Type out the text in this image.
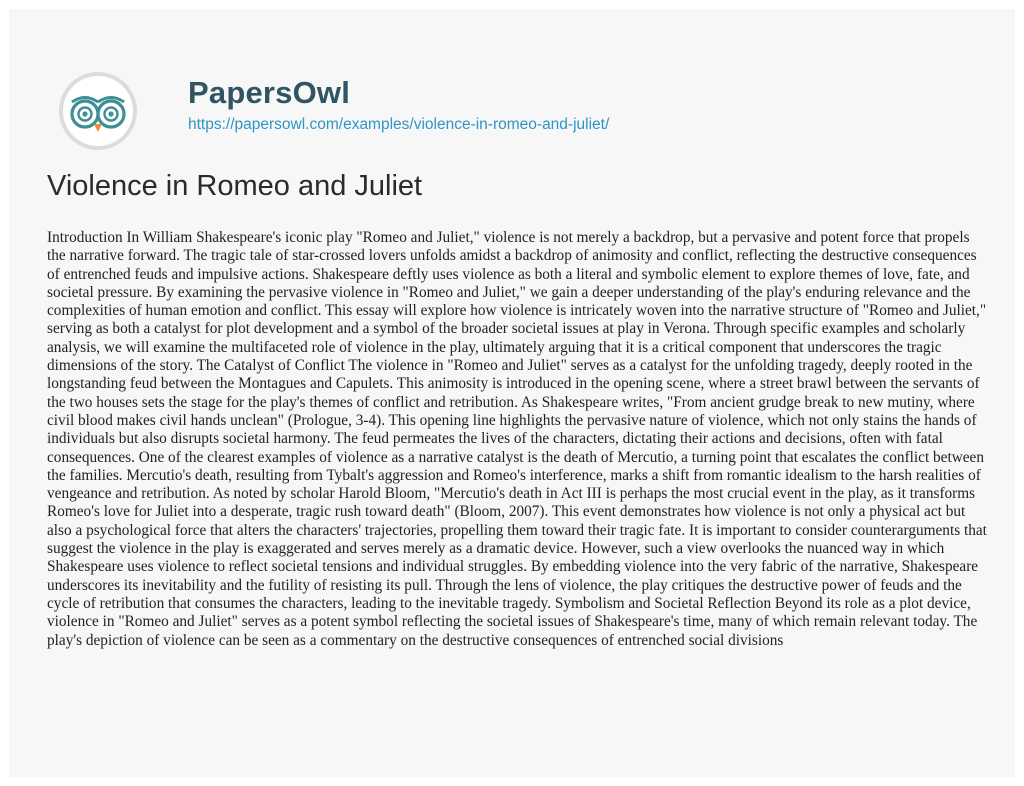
PapersOwl
https://papersowl.com/examples/violence-in-romeo-and-juliet/
Violence in Romeo and Juliet

Introduction In William Shakespeare's iconic play "Romeo and Juliet," violence is not merely a backdrop, but a pervasive and potent force that propels the narrative forward. The tragic tale of star-crossed lovers unfolds amidst a backdrop of animosity and conflict, reflecting the destructive consequences of entrenched feuds and impulsive actions. Shakespeare deftly uses violence as both a literal and symbolic element to explore themes of love, fate, and societal pressure. By examining the pervasive violence in "Romeo and Juliet," we gain a deeper understanding of the play's enduring relevance and the complexities of human emotion and conflict. This essay will explore how violence is intricately woven into the narrative structure of "Romeo and Juliet," serving as both a catalyst for plot development and a symbol of the broader societal issues at play in Verona. Through specific examples and scholarly analysis, we will examine the multifaceted role of violence in the play, ultimately arguing that it is a critical component that underscores the tragic dimensions of the story. The Catalyst of Conflict The violence in "Romeo and Juliet" serves as a catalyst for the unfolding tragedy, deeply rooted in the longstanding feud between the Montagues and Capulets. This animosity is introduced in the opening scene, where a street brawl between the servants of the two houses sets the stage for the play's themes of conflict and retribution. As Shakespeare writes, "From ancient grudge break to new mutiny, where civil blood makes civil hands unclean" (Prologue, 3-4). This opening line highlights the pervasive nature of violence, which not only stains the hands of individuals but also disrupts societal harmony. The feud permeates the lives of the characters, dictating their actions and decisions, often with fatal consequences. One of the clearest examples of violence as a narrative catalyst is the death of Mercutio, a turning point that escalates the conflict between the families. Mercutio's death, resulting from Tybalt's aggression and Romeo's interference, marks a shift from romantic idealism to the harsh realities of vengeance and retribution. As noted by scholar Harold Bloom, "Mercutio's death in Act III is perhaps the most crucial event in the play, as it transforms Romeo's love for Juliet into a desperate, tragic rush toward death" (Bloom, 2007). This event demonstrates how violence is not only a physical act but also a psychological force that alters the characters' trajectories, propelling them toward their tragic fate. It is important to consider counterarguments that suggest the violence in the play is exaggerated and serves merely as a dramatic device. However, such a view overlooks the nuanced way in which Shakespeare uses violence to reflect societal tensions and individual struggles. By embedding violence into the very fabric of the narrative, Shakespeare underscores its inevitability and the futility of resisting its pull. Through the lens of violence, the play critiques the destructive power of feuds and the cycle of retribution that consumes the characters, leading to the inevitable tragedy. Symbolism and Societal Reflection Beyond its role as a plot device, violence in "Romeo and Juliet" serves as a potent symbol reflecting the societal issues of Shakespeare's time, many of which remain relevant today. The play's depiction of violence can be seen as a commentary on the destructive consequences of entrenched social divisions
